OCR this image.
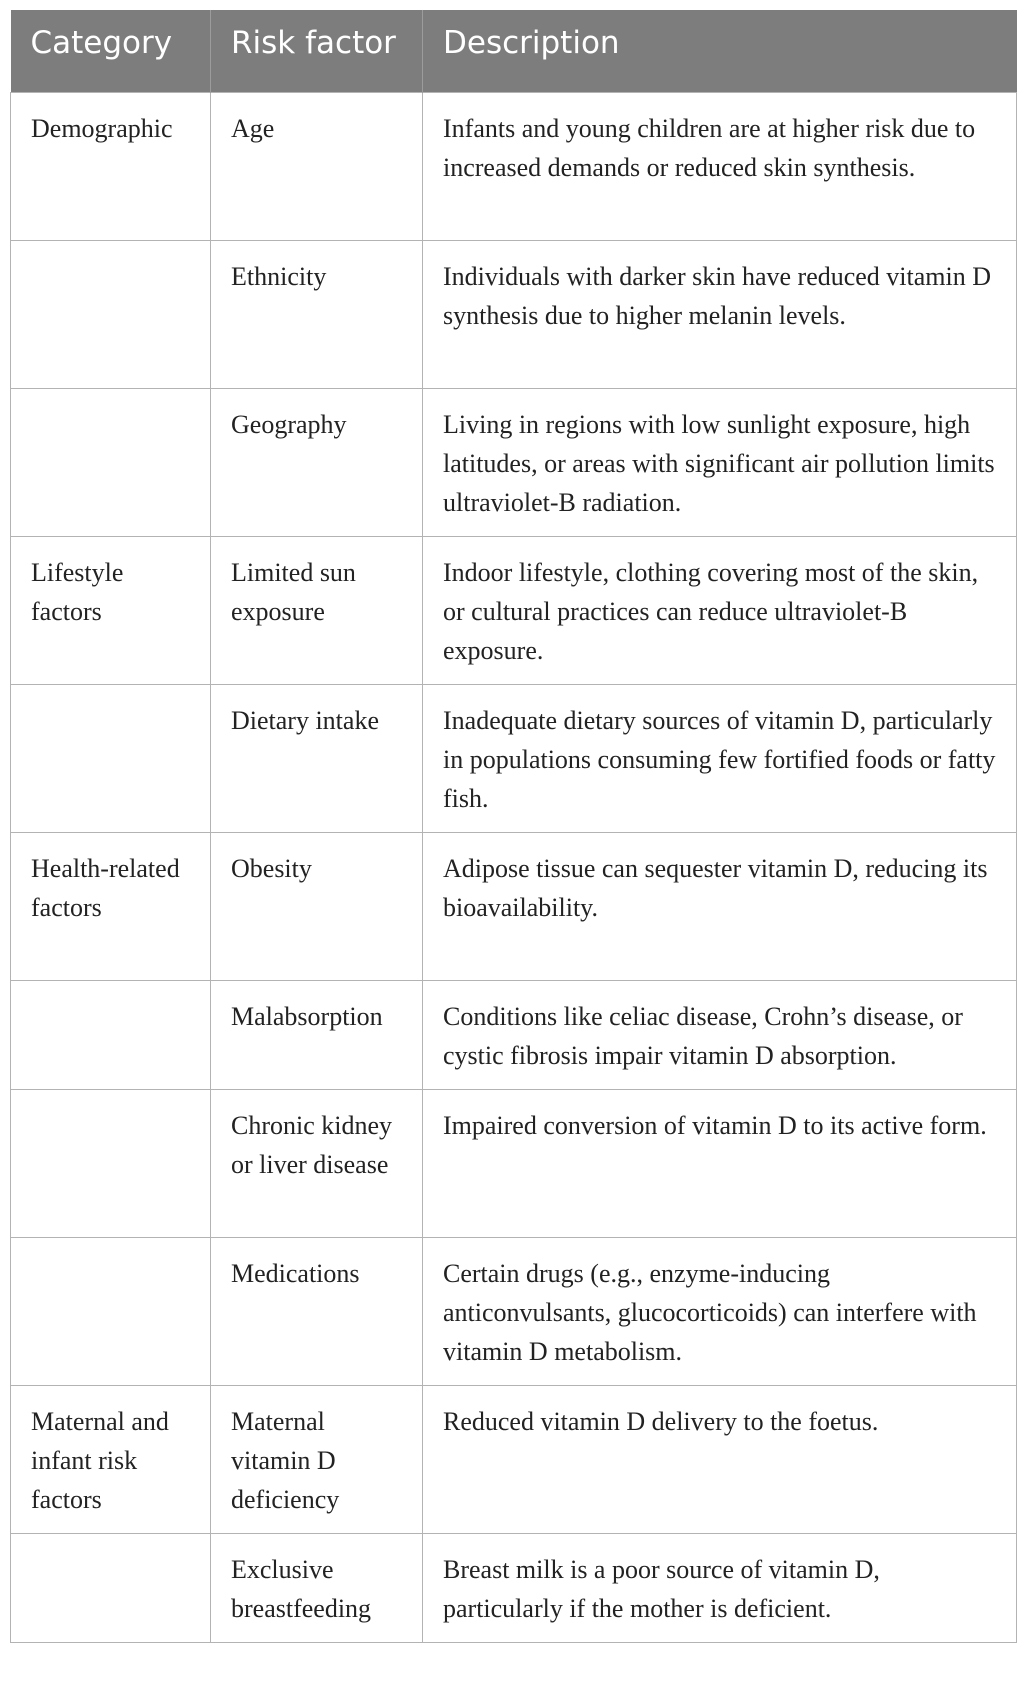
Category	Risk factor	Description
Demographic	Age	Infants and young children are at higher risk due to increased demands or reduced skin synthesis.
	Ethnicity	Individuals with darker skin have reduced vitamin D synthesis due to higher melanin levels.
	Geography	Living in regions with low sunlight exposure, high latitudes, or areas with significant air pollution limits ultraviolet-B radiation.
Lifestyle factors	Limited sun exposure	Indoor lifestyle, clothing covering most of the skin, or cultural practices can reduce ultraviolet-B exposure.
	Dietary intake	Inadequate dietary sources of vitamin D, particularly in populations consuming few fortified foods or fatty fish.
Health-related factors	Obesity	Adipose tissue can sequester vitamin D, reducing its bioavailability.
	Malabsorption	Conditions like celiac disease, Crohn’s disease, or cystic fibrosis impair vitamin D absorption.
	Chronic kidney or liver disease	Impaired conversion of vitamin D to its active form.
	Medications	Certain drugs (e.g., enzyme-inducing anticonvulsants, glucocorticoids) can interfere with vitamin D metabolism.
Maternal and infant risk factors	Maternal vitamin D deficiency	Reduced vitamin D delivery to the foetus.
	Exclusive breastfeeding	Breast milk is a poor source of vitamin D, particularly if the mother is deficient.
